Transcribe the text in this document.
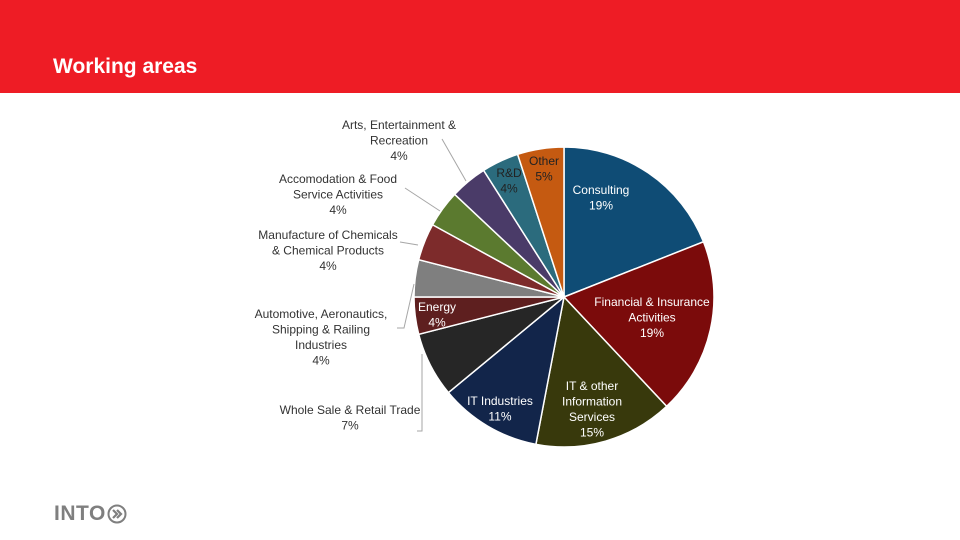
Working areas
Consulting 19%
Financial & Insurance Activities 19%
IT & other Information Services 15%
IT Industries 11%
Whole Sale & Retail Trade 7%
Energy 4%
Automotive, Aeronautics, Shipping & Railing Industries 4%
Manufacture of Chemicals & Chemical Products 4%
Accomodation & Food Service Activities 4%
Arts, Entertainment & Recreation 4%
R&D 4%
Other 5%
INTO
